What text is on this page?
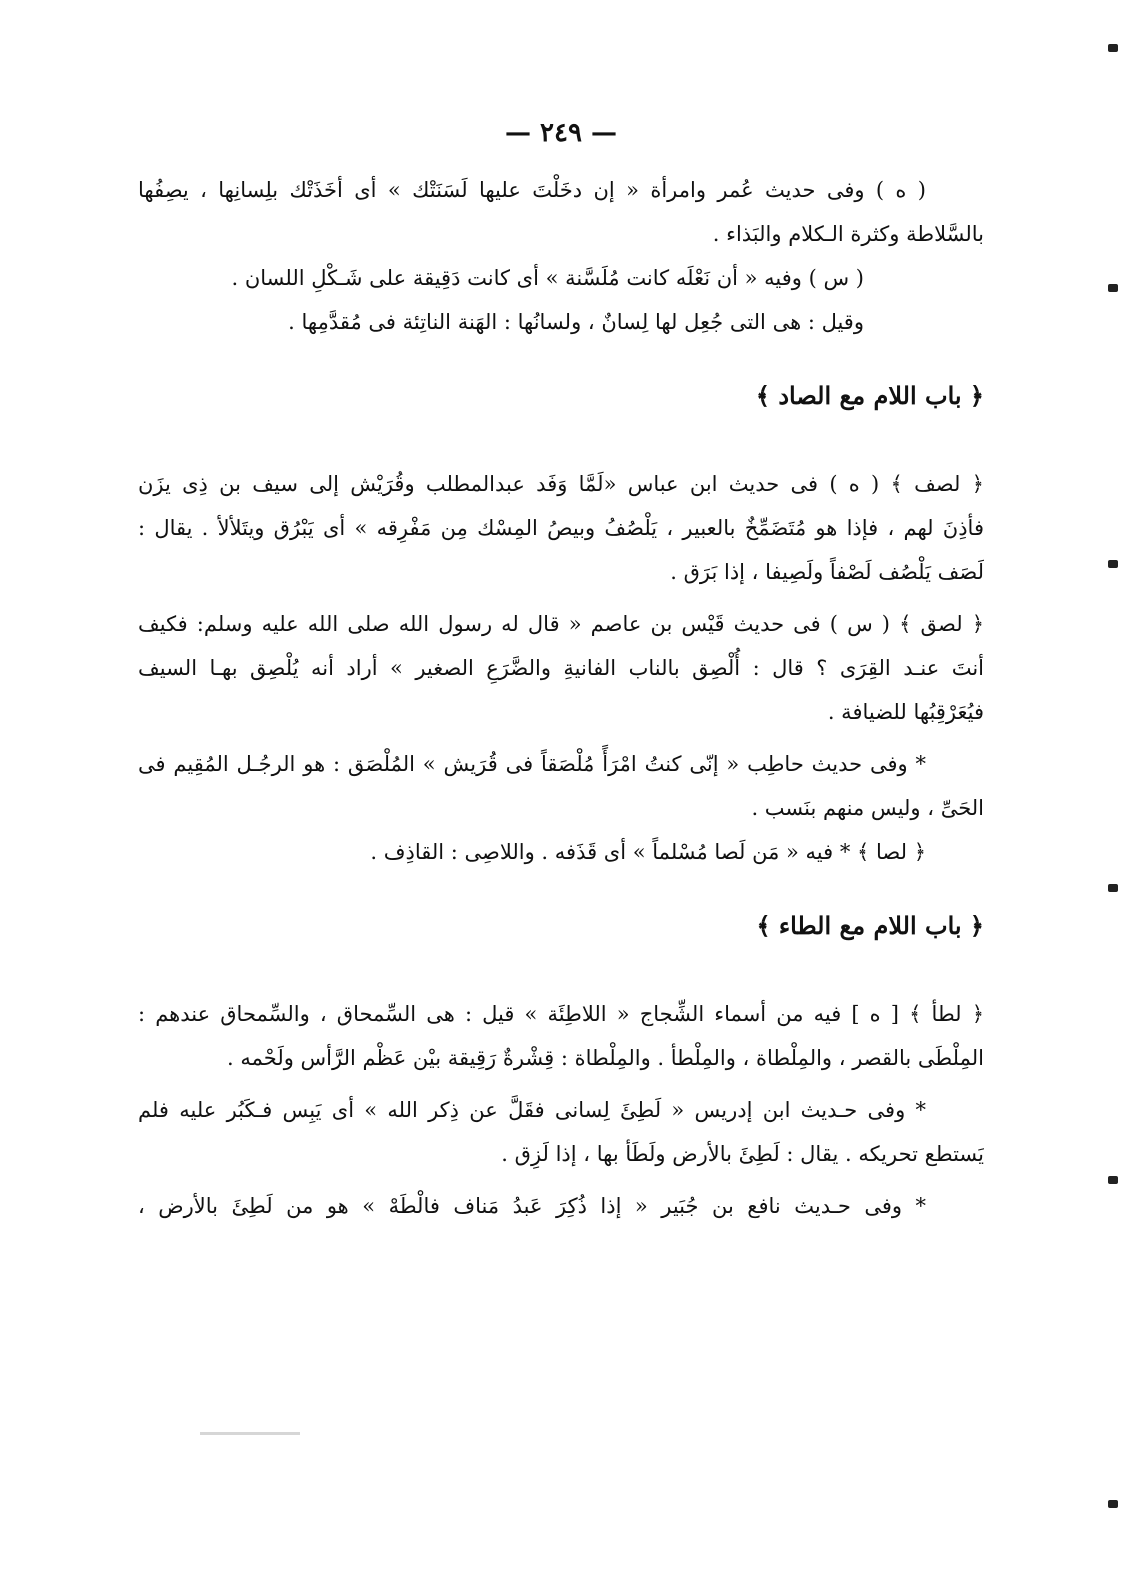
— ٢٤٩ —
( ه ) وفى حديث عُمر وامرأة « إن دخَلْتَ عليها لَسَنَتْك » أى أخَذَتْك بلِسانِها ، يصِفُها
بالسَّلاطة وكثرة الـكلام والبَذاء .
( س ) وفيه « أن نَعْلَه كانت مُلَسَّنة » أى كانت دَقِيقة على شَـكْلِ اللسان .
وقيل : هى التى جُعِل لها لِسانٌ ، ولسانُها : الهَنة الناتِئة فى مُقدَّمِها .
﴿ باب اللام مع الصاد ﴾
﴿ لصف ﴾ ( ه ) فى حديث ابن عباس «لَمَّا وَفَد عبدالمطلب وقُرَيْش إلى سيف بن ذِى يزَن
فأذِنَ لهم ، فإذا هو مُتَضَمِّخٌ بالعبير ، يَلْصُفُ وبيصُ المِسْك مِن مَفْرِقه » أى يَبْرُق ويتَلألأ . يقال :
لَصَف يَلْصُف لَصْفاً ولَصِيفا ، إذا بَرَق .
﴿ لصق ﴾ ( س ) فى حديث قَيْس بن عاصم « قال له رسول الله صلى الله عليه وسلم: فكيف
أنتَ عنـد القِرَى ؟ قال : أُلْصِق بالناب الفانيةِ والضَّرَعِ الصغير » أراد أنه يُلْصِق بهـا السيف
فيُعَرْقِبُها للضيافة .
* وفى حديث حاطِب « إنّى كنتُ امْرَأً مُلْصَقاً فى قُرَيش » المُلْصَق : هو الرجُـل المُقِيم فى
الحَىِّ ، وليس منهم بنَسب .
﴿ لصا ﴾ * فيه « مَن لَصا مُسْلماً » أى قَذَفه . واللاصِى : القاذِف .
﴿ باب اللام مع الطاء ﴾
﴿ لطأ ﴾ [ ه ] فيه من أسماء الشِّجاج « اللاطِئَة » قيل : هى السِّمحاق ، والسِّمحاق عندهم :
المِلْطَى بالقصر ، والمِلْطاة ، والمِلْطأ . والمِلْطاة : قِشْرةٌ رَقِيقة بيْن عَظْم الرَّأس ولَحْمه .
* وفى حـديث ابن إدريس « لَطِئَ لِسانى فقَلَّ عن ذِكر الله » أى يَبِس فـكَبُر عليه فلم
يَستطع تحريكه . يقال : لَطِئَ بالأرض ولَطَأ بها ، إذا لَزِق .
* وفى حـديث نافع بن جُبَير « إذا ذُكِرَ عَبدُ مَناف فالْطَهْ » هو من لَطِئَ بالأرض ،
